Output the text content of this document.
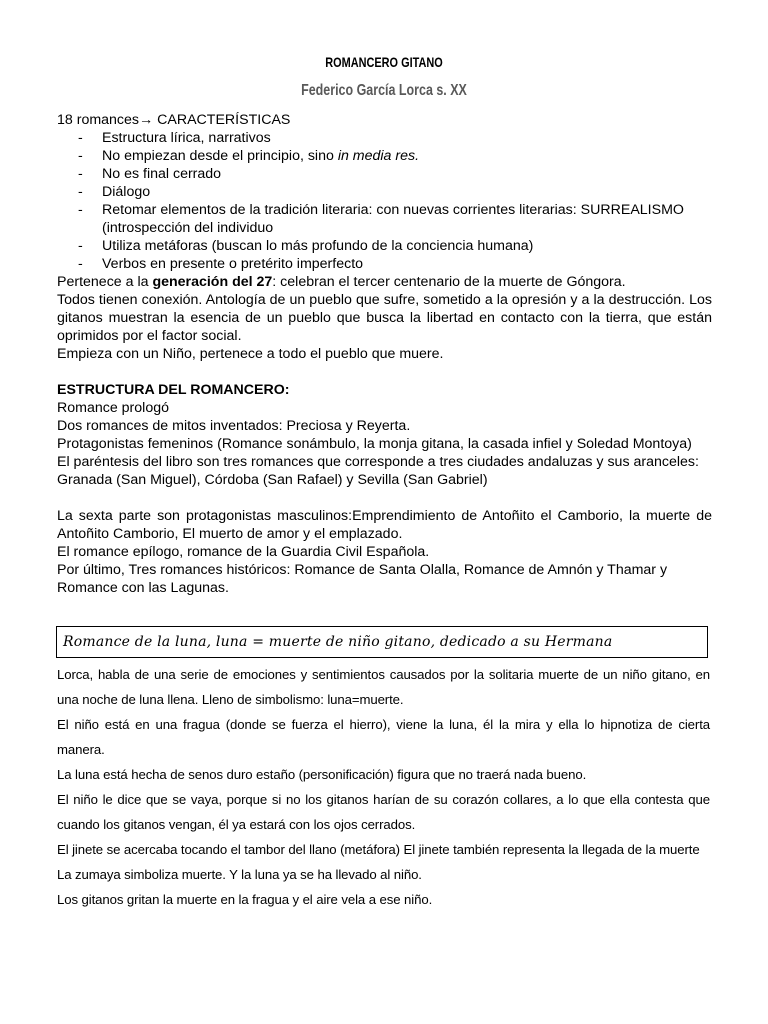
ROMANCERO GITANO
Federico García Lorca s. XX

18 romances→ CARACTERÍSTICAS

- Estructura lírica, narrativos
- No empiezan desde el principio, sino in media res.
- No es final cerrado
- Diálogo
- Retomar elementos de la tradición literaria: con nuevas corrientes literarias: SURREALISMO (introspección del individuo
- Utiliza metáforas (buscan lo más profundo de la conciencia humana)
- Verbos en presente o pretérito imperfecto

Pertenece a la generación del 27: celebran el tercer centenario de la muerte de Góngora.

Todos tienen conexión. Antología de un pueblo que sufre, sometido a la opresión y a la destrucción. Los gitanos muestran la esencia de un pueblo que busca la libertad en contacto con la tierra, que están oprimidos por el factor social.

Empieza con un Niño, pertenece a todo el pueblo que muere.

ESTRUCTURA DEL ROMANCERO:

Romance prologó

Dos romances de mitos inventados: Preciosa y Reyerta.

Protagonistas femeninos (Romance sonámbulo, la monja gitana, la casada infiel y Soledad Montoya)

El paréntesis del libro son tres romances que corresponde a tres ciudades andaluzas y sus aranceles: Granada (San Miguel), Córdoba (San Rafael) y Sevilla (San Gabriel)

La sexta parte son protagonistas masculinos:Emprendimiento de Antoñito el Camborio, la muerte de Antoñito Camborio, El muerto de amor y el emplazado.

El romance epílogo, romance de la Guardia Civil Española.

Por último, Tres romances históricos: Romance de Santa Olalla, Romance de Amnón y Thamar y Romance con las Lagunas.

Romance de la luna, luna = muerte de niño gitano, dedicado a su Hermana

Lorca, habla de una serie de emociones y sentimientos causados por la solitaria muerte de un niño gitano, en una noche de luna llena. Lleno de simbolismo: luna=muerte.

El niño está en una fragua (donde se fuerza el hierro), viene la luna, él la mira y ella lo hipnotiza de cierta manera.

La luna está hecha de senos duro estaño (personificación) figura que no traerá nada bueno.

El niño le dice que se vaya, porque si no los gitanos harían de su corazón collares, a lo que ella contesta que cuando los gitanos vengan, él ya estará con los ojos cerrados.

El jinete se acercaba tocando el tambor del llano (metáfora) El jinete también representa la llegada de la muerte

La zumaya simboliza muerte. Y la luna ya se ha llevado al niño.

Los gitanos gritan la muerte en la fragua y el aire vela a ese niño.
